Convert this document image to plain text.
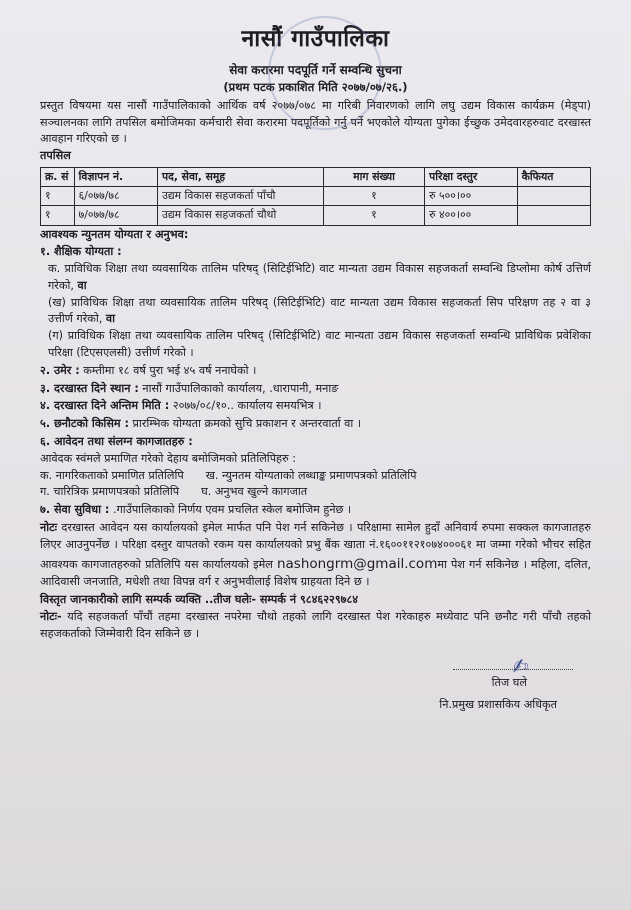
नासौं गाउँपालिका
सेवा करारमा पदपूर्ति गर्ने सम्वन्धि सुचना
(प्रथम पटक प्रकाशित मिति २०७७/०७/२६.)
प्रस्तुत विषयमा यस नासौं गाउँपालिकाको आर्थिक वर्ष २०७७/०७८ मा गरिबी निवारणको लागि लघु उद्यम विकास कार्यक्रम (मेड्पा) सञ्चालनका लागि तपसिल बमोजिमका कर्मचारी सेवा करारमा पदपूर्तिको गर्नु पर्ने भएकोले योग्यता पुगेका ईच्छुक उमेदवारहरुवाट दरखास्त आवहान गरिएको छ ।
तपसिल
क्र. सं	विज्ञापन नं.	पद, सेवा, समूह	माग संख्या	परिक्षा दस्तुर	कैफियत
१	६/०७७/७८	उद्यम विकास सहजकर्ता पाँचौ	१	रु ५००।००	
१	७/०७७/७८	उद्यम विकास सहजकर्ता चौथो	१	रु ४००।००	
आवश्यक न्युनतम योग्यता र अनुभव:
१. शैक्षिक योग्यता :
क. प्राविधिक शिक्षा तथा व्यवसायिक तालिम परिषद् (सिटिईभिटि) वाट मान्यता उद्यम विकास सहजकर्ता सम्वन्धि डिप्लोमा कोर्ष उत्तिर्ण गरेको, वा
(ख) प्राविधिक शिक्षा तथा व्यवसायिक तालिम परिषद् (सिटिईभिटि) वाट मान्यता उद्यम विकास सहजकर्ता सिप परिक्षण तह २ वा ३ उत्तीर्ण गरेको, वा
(ग) प्राविधिक शिक्षा तथा व्यवसायिक तालिम परिषद् (सिटिईभिटि) वाट मान्यता उद्यम विकास सहजकर्ता सम्वन्धि प्राविधिक प्रवेशिका परिक्षा (टिएसएलसी) उत्तीर्ण गरेको ।
२. उमेर : कम्तीमा १८ वर्ष पुरा भई ४५ वर्ष ननाघेको ।
३. दरखास्त दिने स्थान : नासौं गाउँपालिकाको कार्यालय, .धारापानी, मनाङ
४. दरखास्त दिने अन्तिम मिति : २०७७/०८/१०.. कार्यालय समयभित्र ।
५. छनौटको किसिम : प्रारम्भिक योग्यता क्रमको सुचि प्रकाशन र अन्तरवार्ता वा ।
६. आवेदन तथा संलग्न कागजातहरु :
आवेदक स्वंमले प्रमाणित गरेको देहाय बमोजिमको प्रतिलिपिहरु :
क. नागरिकताको प्रमाणित प्रतिलिपि ख. न्युनतम योग्यताको लब्धाङ्क प्रमाणपत्रको प्रतिलिपि
ग. चारित्रिक प्रमाणपत्रको प्रतिलिपि घ. अनुभव खुल्ने कागजात
७. सेवा सुविधा : .गाउँपालिकाको निर्णय एवम प्रचलित स्केल बमोजिम हुनेछ ।
नोटः दरखास्त आवेदन यस कार्यालयको इमेल मार्फत पनि पेश गर्न सकिनेछ । परिक्षामा सामेल हुदाँ अनिवार्य रुपमा सक्कल कागजातहरु लिएर आउनुपर्नेछ । परिक्षा दस्तुर वापतको रकम यस कार्यालयको प्रभु बैंक खाता नं.१६००११२१०७४०००६१ मा जम्मा गरेको भौचर सहित आवश्यक कागजातहरुको प्रतिलिपि यस कार्यालयको इमेल nashongrm@gmail.comमा पेश गर्न सकिनेछ । महिला, दलित, आदिवासी जनजाति, मधेशी तथा विपन्न वर्ग र अनुभवीलाई विशेष ग्राहयता दिने छ ।
विस्तृत जानकारीको लागि सम्पर्क व्यक्ति ..तीज घलेः- सम्पर्क नं ९८४६२२९७८४
नोटः- यदि सहजकर्ता पाँचौं तहमा दरखास्त नपरेमा चौथो तहको लागि दरखास्त पेश गरेकाहरु मध्येवाट पनि छनौट गरी पाँचौ तहको सहजकर्ताको जिम्मेवारी दिन सकिने छ ।
✍
तिज घले
नि.प्रमुख प्रशासकिय अधिकृत
